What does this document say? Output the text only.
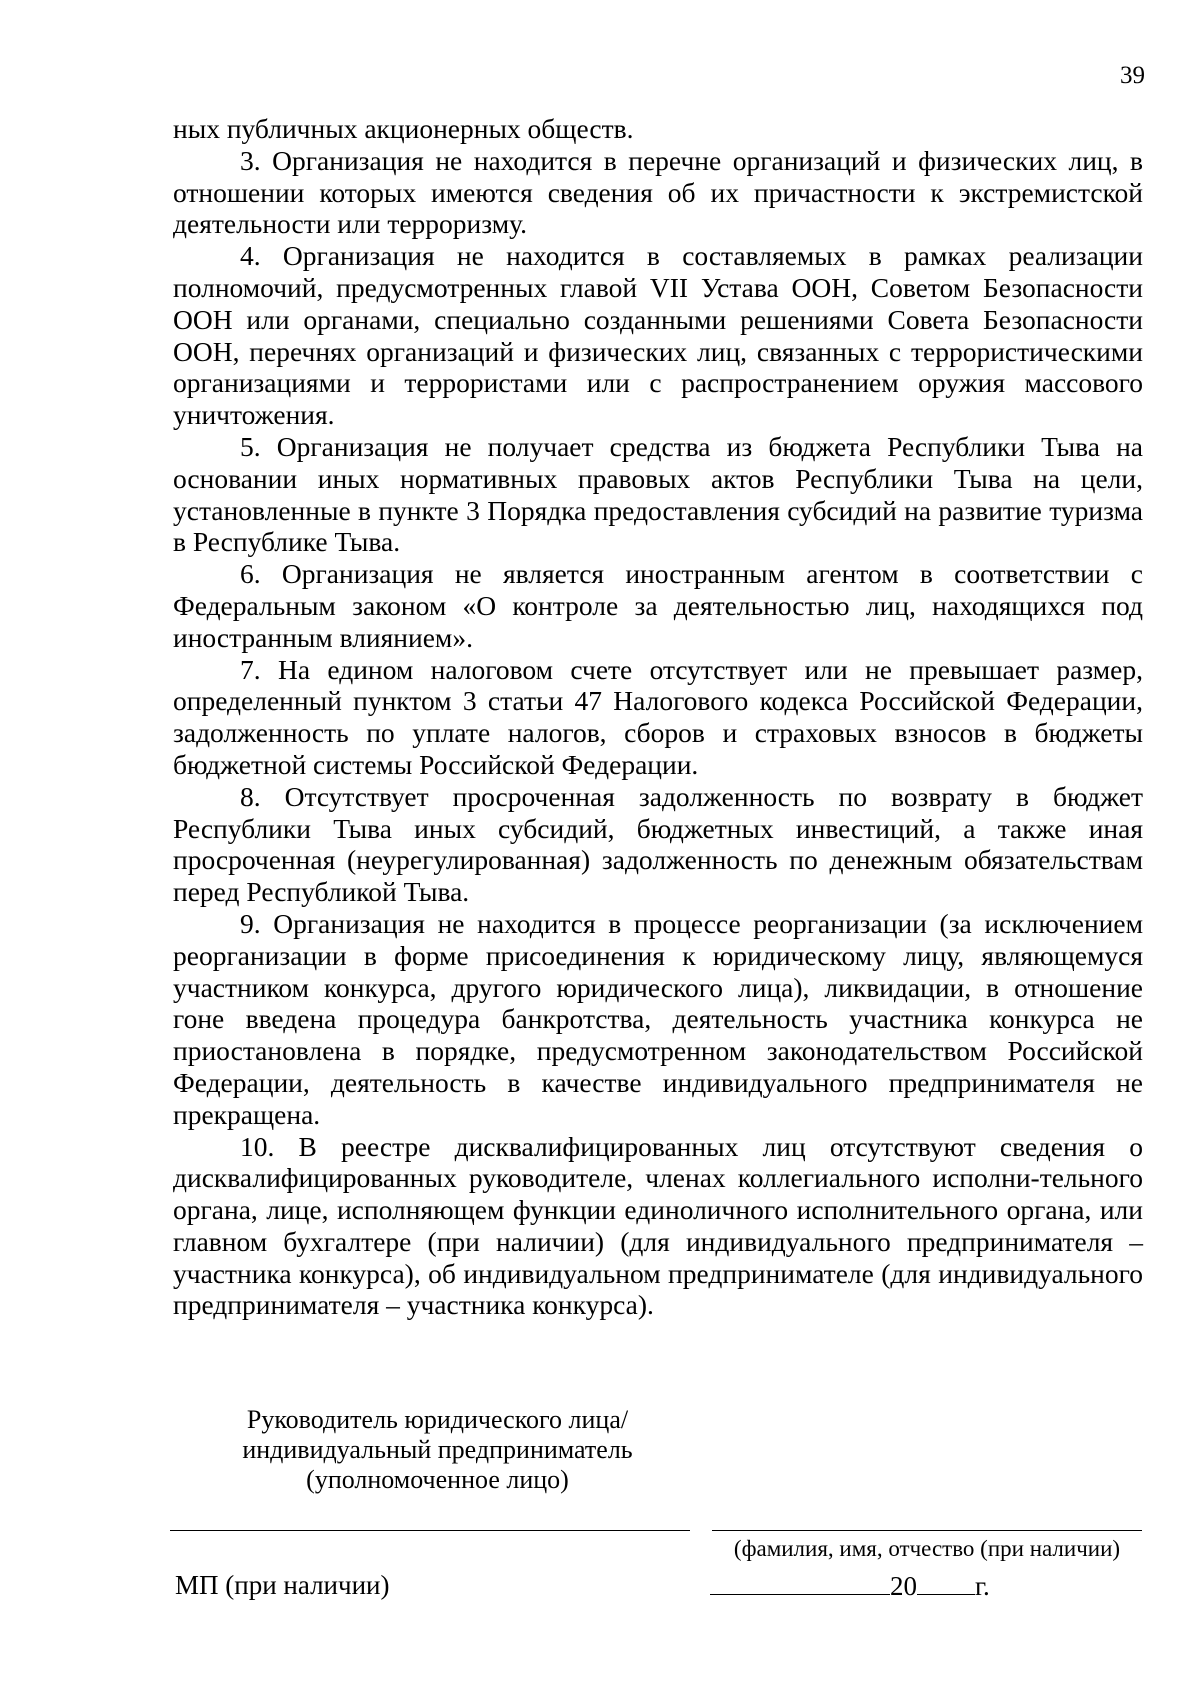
39

ных публичных акционерных обществ.

3. Организация не находится в перечне организаций и физических лиц, в отношении которых имеются сведения об их причастности к экстремистской деятельности или терроризму.

4. Организация не находится в составляемых в рамках реализации полномочий, предусмотренных главой VII Устава ООН, Советом Безопасности ООН или органами, специально созданными решениями Совета Безопасности ООН, перечнях организаций и физических лиц, связанных с террористическими организациями и террористами или с распространением оружия массового уничтожения.

5. Организация не получает средства из бюджета Республики Тыва на основании иных нормативных правовых актов Республики Тыва на цели, установленные в пункте 3 Порядка предоставления субсидий на развитие туризма в Республике Тыва.

6. Организация не является иностранным агентом в соответствии с Федеральным законом «О контроле за деятельностью лиц, находящихся под иностранным влиянием».

7. На едином налоговом счете отсутствует или не превышает размер, определенный пунктом 3 статьи 47 Налогового кодекса Российской Федерации, задолженность по уплате налогов, сборов и страховых взносов в бюджеты бюджетной системы Российской Федерации.

8. Отсутствует просроченная задолженность по возврату в бюджет Республики Тыва иных субсидий, бюджетных инвестиций, а также иная просроченная (неурегулированная) задолженность по денежным обязательствам перед Республикой Тыва.

9. Организация не находится в процессе реорганизации (за исключением реорганизации в форме присоединения к юридическому лицу, являющемуся участником конкурса, другого юридического лица), ликвидации, в отношение гоне введена процедура банкротства, деятельность участника конкурса не приостановлена в порядке, предусмотренном законодательством Российской Федерации, деятельность в качестве индивидуального предпринимателя не прекращена.

10. В реестре дисквалифицированных лиц отсутствуют сведения о дисквалифицированных руководителе, членах коллегиального исполни-тельного органа, лице, исполняющем функции единоличного исполнительного органа, или главном бухгалтере (при наличии) (для индивидуального предпринимателя – участника конкурса), об индивидуальном предпринимателе (для индивидуального предпринимателя – участника конкурса).

Руководитель юридического лица/
индивидуальный предприниматель
(уполномоченное лицо)
(фамилия, имя, отчество (при наличии)
МП (при наличии)	20 г.
